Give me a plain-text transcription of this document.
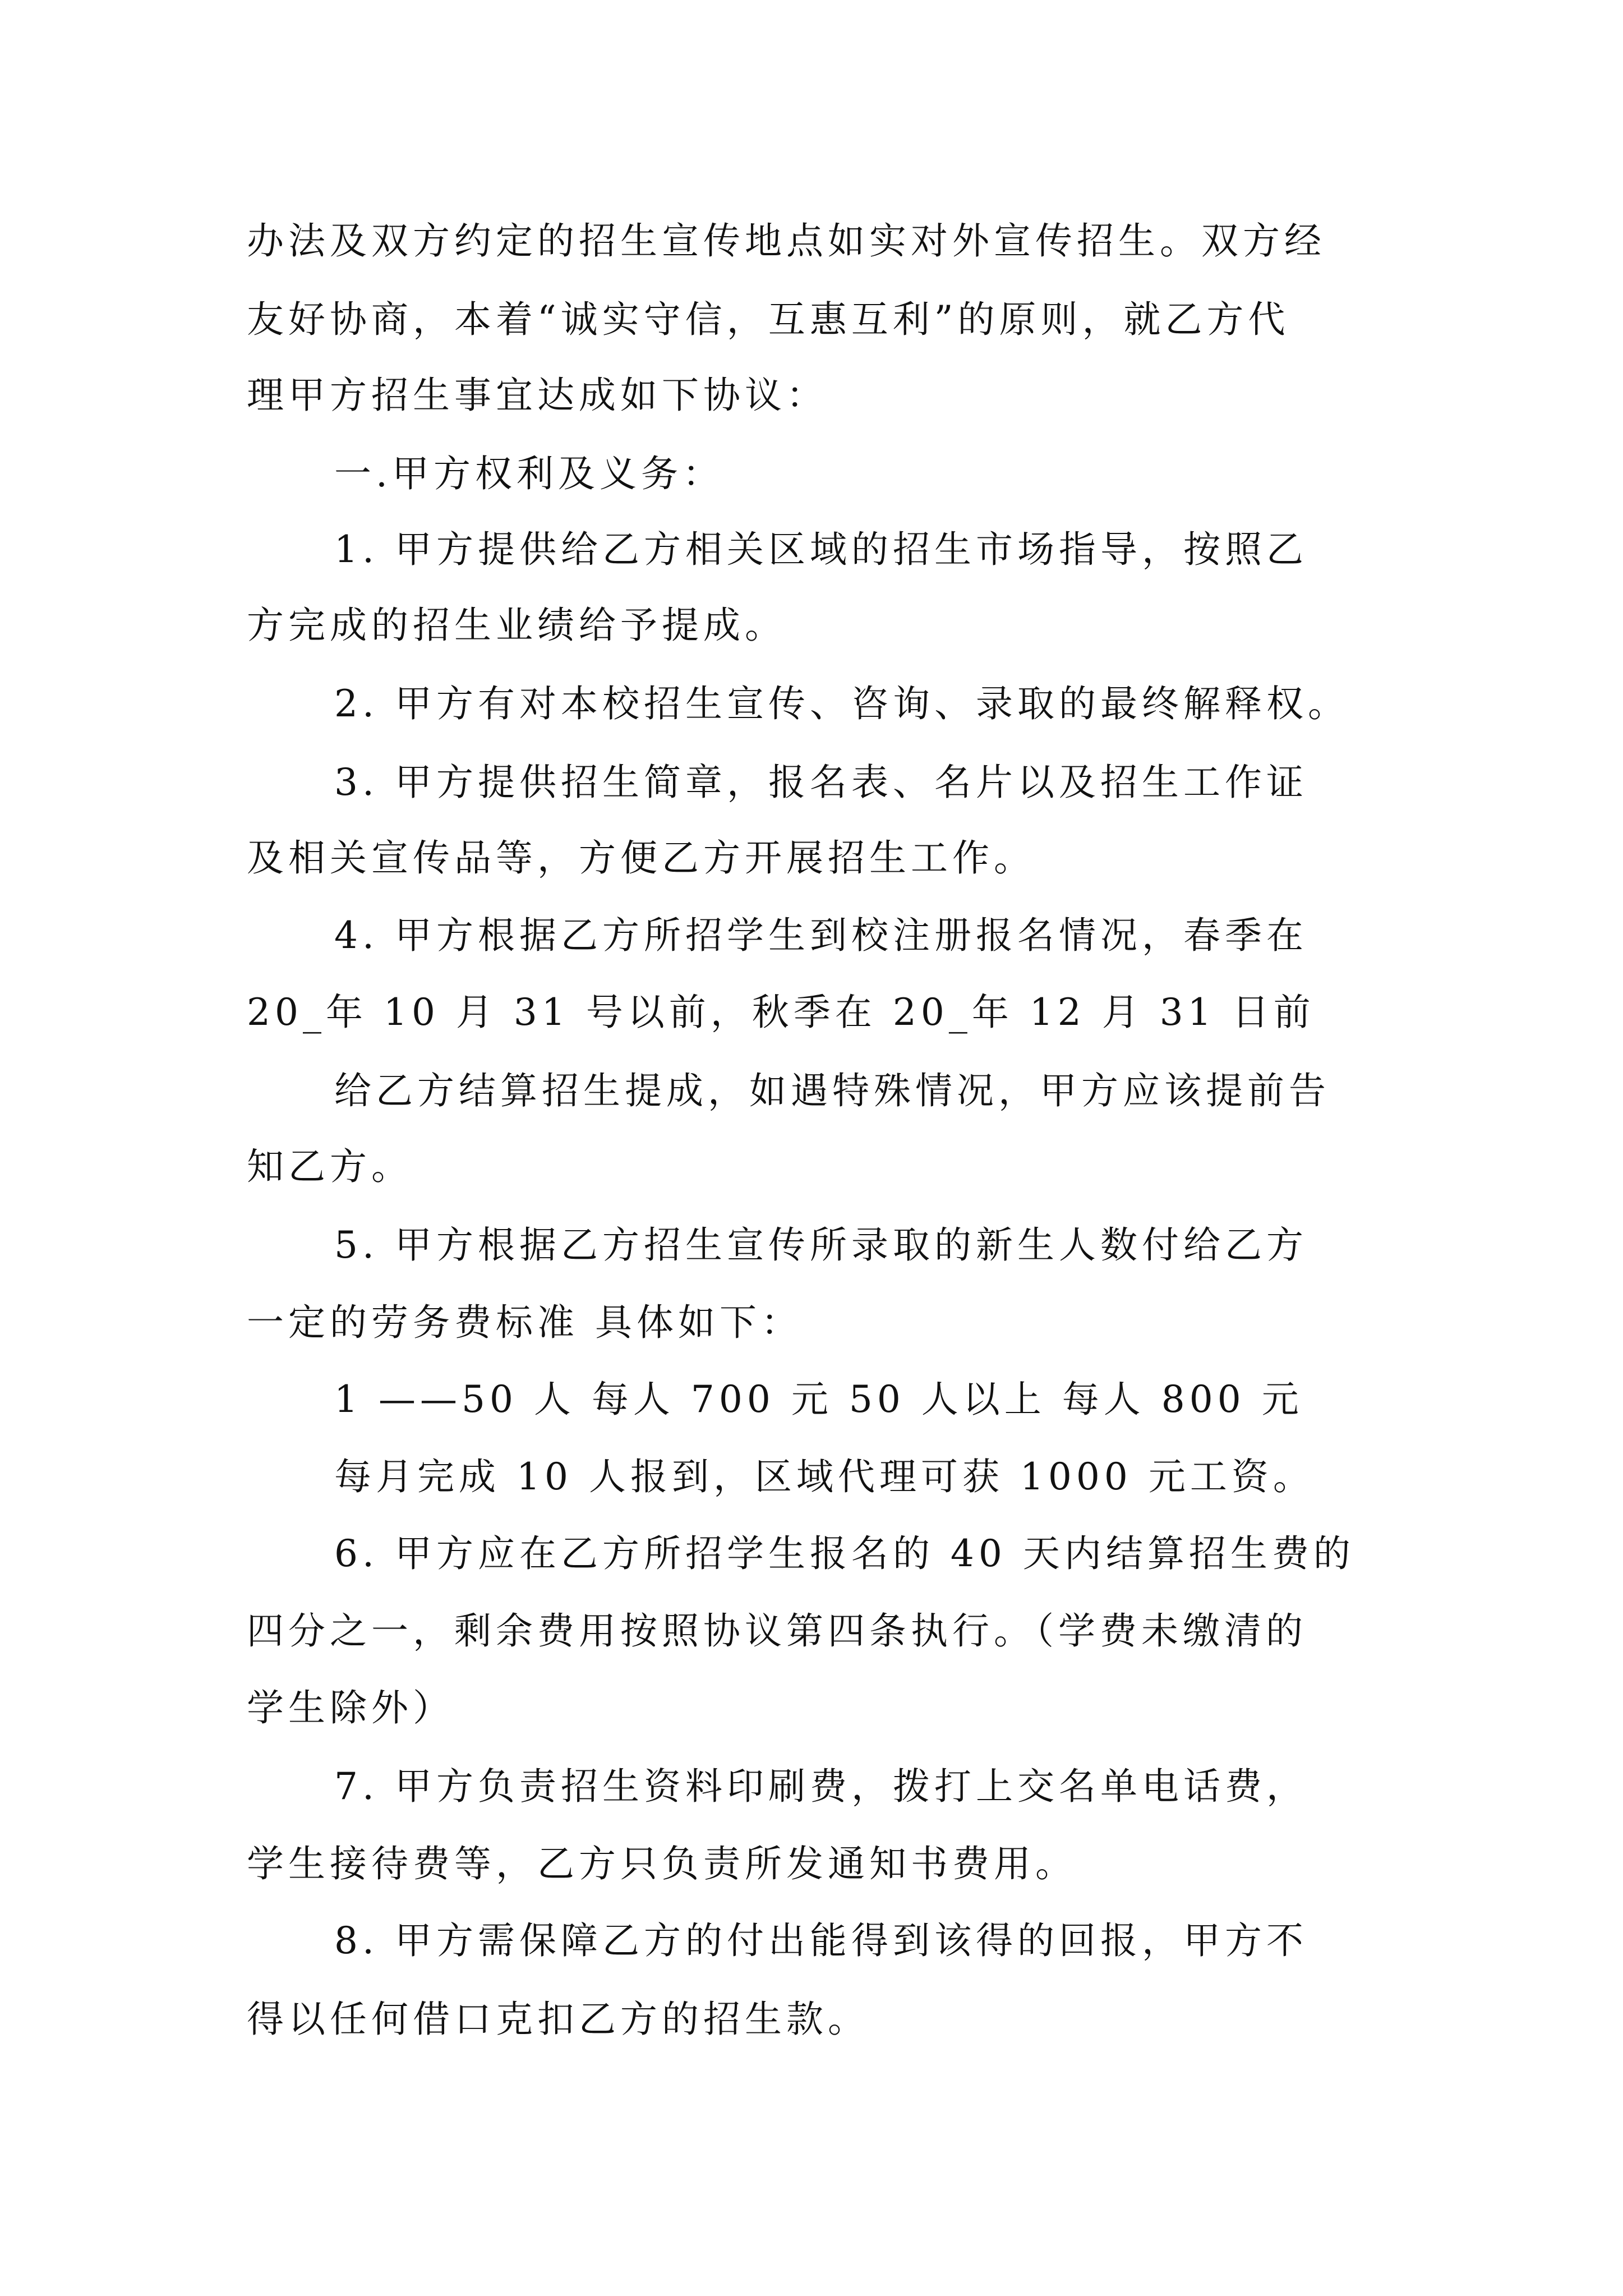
办法及双方约定的招生宣传地点如实对外宣传招生。双方经
友好协商，本着“诚实守信，互惠互利”的原则，就乙方代
理甲方招生事宜达成如下协议：
一.甲方权利及义务：
1. 甲方提供给乙方相关区域的招生市场指导，按照乙
方完成的招生业绩给予提成。
2. 甲方有对本校招生宣传、咨询、录取的最终解释权。
3. 甲方提供招生简章，报名表、名片以及招生工作证
及相关宣传品等，方便乙方开展招生工作。
4. 甲方根据乙方所招学生到校注册报名情况，春季在
20_年 10 月 31 号以前，秋季在 20_年 12 月 31 日前
给乙方结算招生提成，如遇特殊情况，甲方应该提前告
知乙方。
5. 甲方根据乙方招生宣传所录取的新生人数付给乙方
一定的劳务费标准 具体如下：
1 ——50 人 每人 700 元 50 人以上 每人 800 元
每月完成 10 人报到，区域代理可获 1000 元工资。
6. 甲方应在乙方所招学生报名的 40 天内结算招生费的
四分之一，剩余费用按照协议第四条执行。（学费未缴清的
学生除外）
7. 甲方负责招生资料印刷费，拨打上交名单电话费，
学生接待费等，乙方只负责所发通知书费用。
8. 甲方需保障乙方的付出能得到该得的回报，甲方不
得以任何借口克扣乙方的招生款。
